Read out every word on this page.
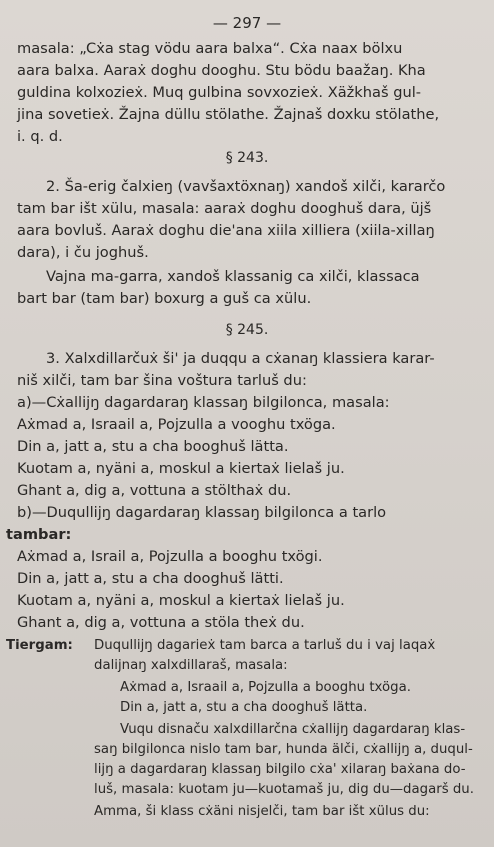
— 297 —
masala: „Cẋa stag vödu aara balxa“. Cẋa naax bölxu
aara balxa. Aaraẋ doghu dooghu. Stu bödu baažaŋ. Kha
guldina kolxozieẋ. Muq gulbina sovxozieẋ. Xäžkhaš gul-
jina sovetieẋ. Žajna düllu stölathe. Žajnaš doxku stölathe,
i. q. d.
§ 243.
2. Ša-erig čalxieŋ (vavšaxtöxnaŋ) xandoš xilči, kararčo
tam bar išt xülu, masala: aaraẋ doghu dooghuš dara, üjš
aara bovluš. Aaraẋ doghu die'ana xiila xilliera (xiila-xillaŋ
dara), i ču joghuš.
Vajna ma-garra, xandoš klassanig ca xilči, klassaca
bart bar (tam bar) boxurg a guš ca xülu.
§ 245.
3. Xalxdillarčuẋ ši' ja duqqu a cẋanaŋ klassiera karar-
niš xilči, tam bar šina voštura tarluš du:
a)—Cẋallijŋ dagardaraŋ klassaŋ bilgilonca, masala:
Aẋmad a, Israail a, Pojzulla a vooghu txöga.
Din a, jatt a, stu a cha booghuš lätta.
Kuotam a, nyäni a, moskul a kiertaẋ lielaš ju.
Ghant a, dig a, vottuna a stölthaẋ du.
b)—Duqullijŋ dagardaraŋ klassaŋ bilgilonca a tarlo
tambar:
Aẋmad a, Israil a, Pojzulla a booghu txögi.
Din a, jatt a, stu a cha dooghuš lätti.
Kuotam a, nyäni a, moskul a kiertaẋ lielaš ju.
Ghant a, dig a, vottuna a stöla theẋ du.
Tiergam: Duqullijŋ dagarieẋ tam barca a tarluš du i vaj laqaẋ
dalijnaŋ xalxdillaraš, masala:
Aẋmad a, Israail a, Pojzulla a booghu txöga.
Din a, jatt a, stu a cha dooghuš lätta.
Vuqu disnaču xalxdillarčna cẋallijŋ dagardaraŋ klas-
saŋ bilgilonca nislo tam bar, hunda älči, cẋallijŋ a, duqul-
lijŋ a dagardaraŋ klassaŋ bilgilo cẋa' xilaraŋ baẋana do-
luš, masala: kuotam ju—kuotamaš ju, dig du—dagarš du.
Amma, ši klass cẋäni nisjelči, tam bar išt xülus du:
